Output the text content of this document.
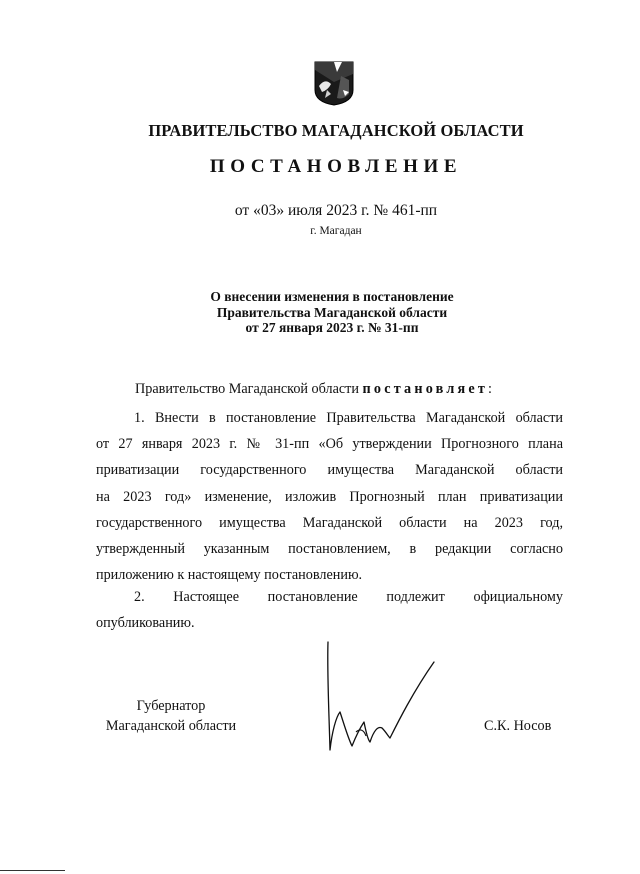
ПРАВИТЕЛЬСТВО МАГАДАНСКОЙ ОБЛАСТИ
ПОСТАНОВЛЕНИЕ
от «03» июля 2023 г. № 461-пп
г. Магадан
О внесении изменения в постановление
Правительства Магаданской области
от 27 января 2023 г. № 31-пп
Правительство Магаданской области постановляет:
1. Внести в постановление Правительства Магаданской области
от 27 января 2023 г. № 31-пп «Об утверждении Прогнозного плана
приватизации государственного имущества Магаданской области
на 2023 год» изменение, изложив Прогнозный план приватизации
государственного имущества Магаданской области на 2023 год,
утвержденный указанным постановлением, в редакции согласно
приложению к настоящему постановлению.
2. Настоящее постановление подлежит официальному
опубликованию.
Губернатор
Магаданской области	С.К. Носов
